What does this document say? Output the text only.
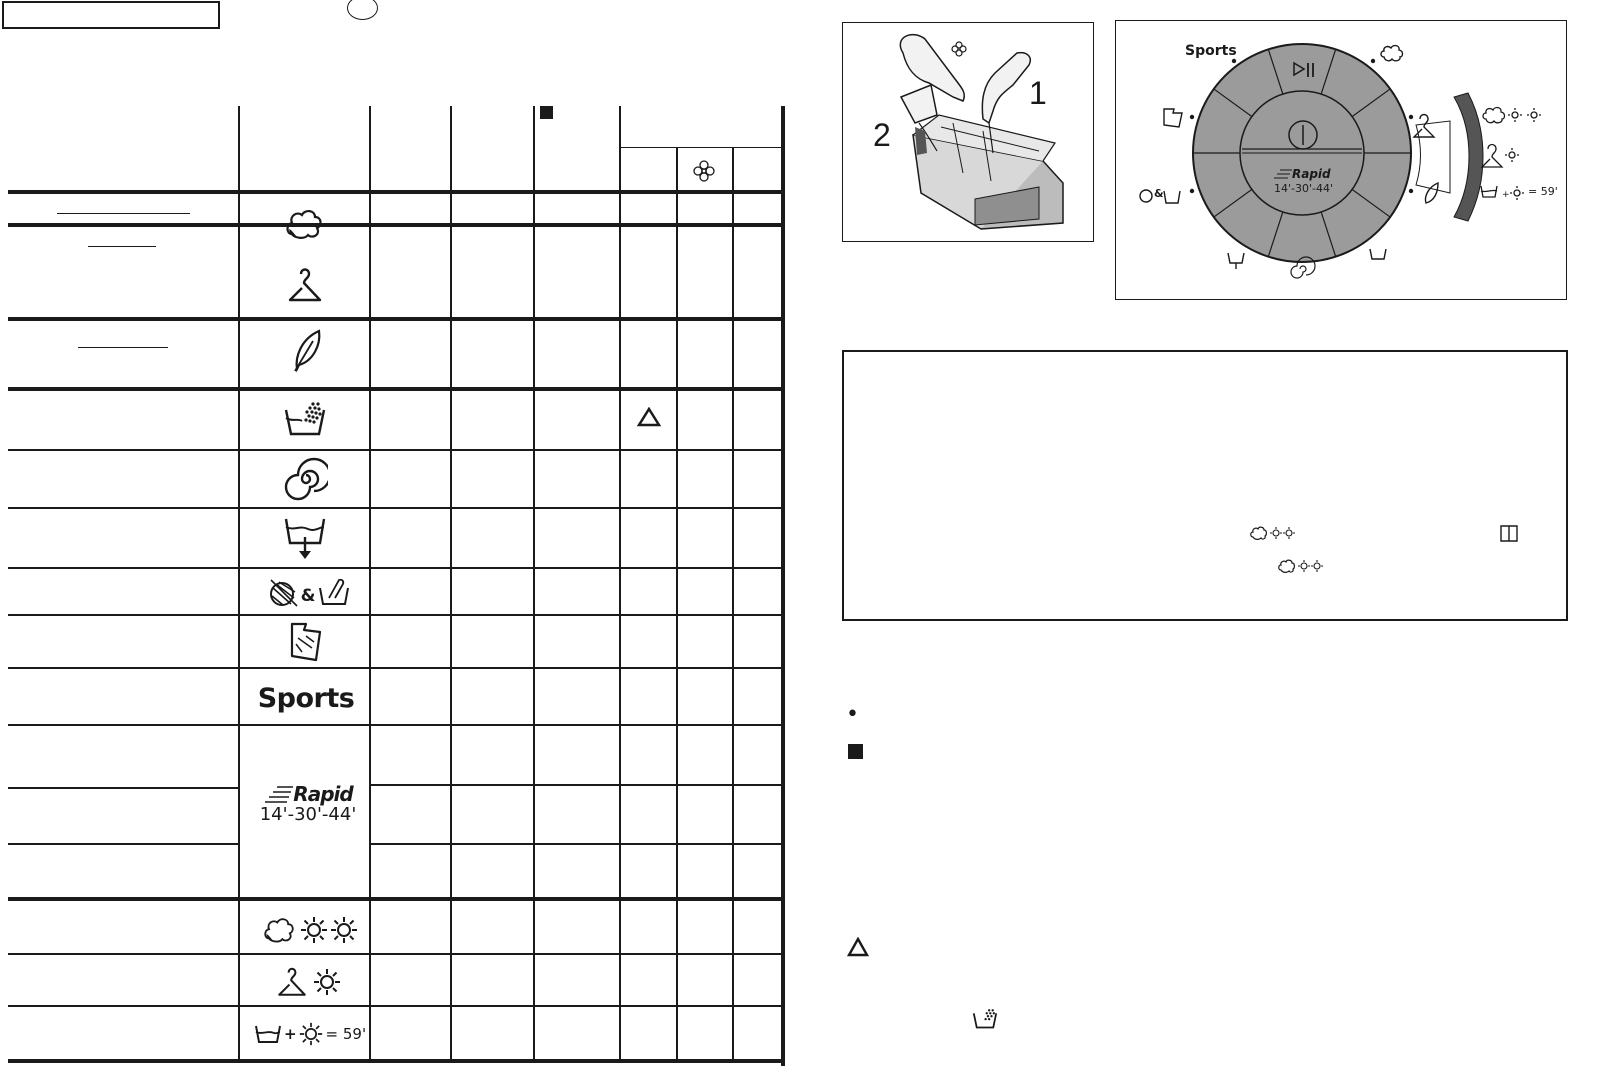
&
Sports
Rapid
14'-30'-44'
+ = 59'
1
2
+
Sports
Rapid
14'-30'-44'
&	= 59'
•
